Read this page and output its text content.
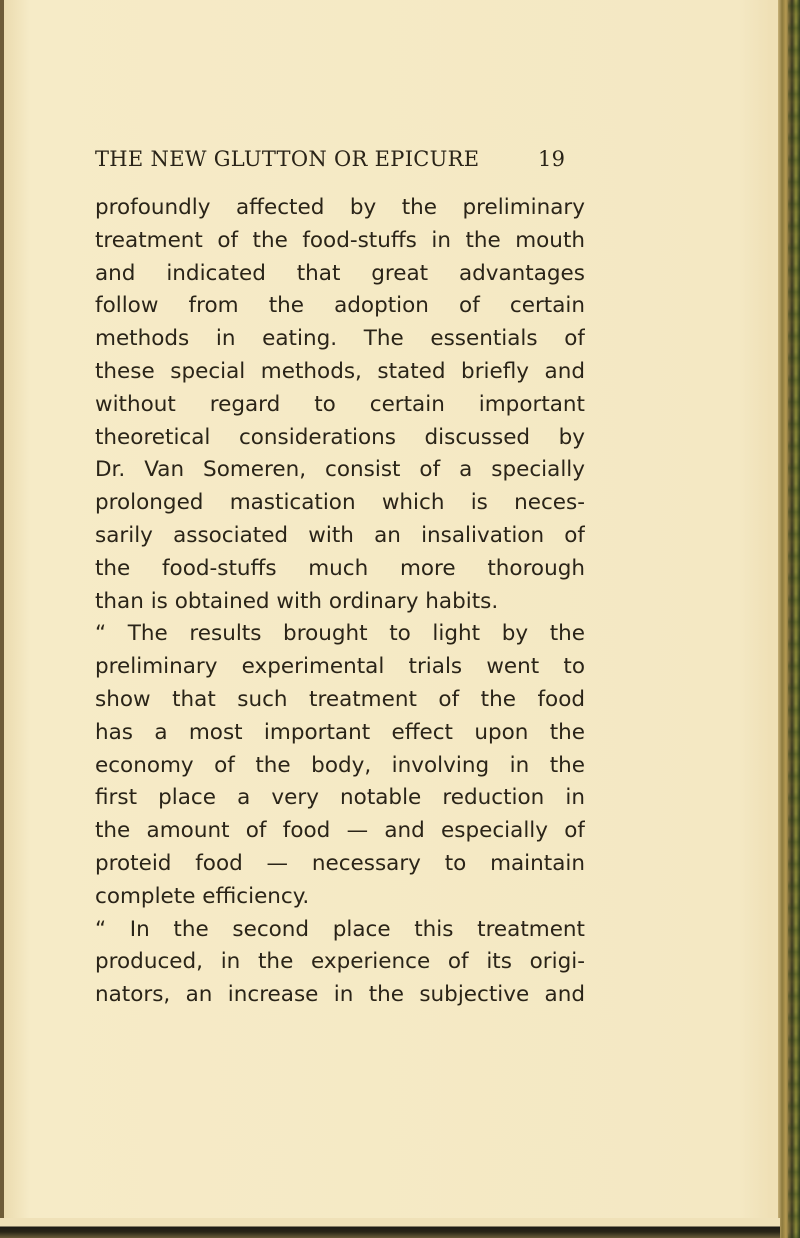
THE NEW GLUTTON OR EPICURE	19
profoundly affected by the preliminary
treatment of the food-stuffs in the mouth
and indicated that great advantages
follow from the adoption of certain
methods in eating. The essentials of
these special methods, stated briefly and
without regard to certain important
theoretical considerations discussed by
Dr. Van Someren, consist of a specially
prolonged mastication which is neces-
sarily associated with an insalivation of
the food-stuffs much more thorough
than is obtained with ordinary habits.
“ The results brought to light by the
preliminary experimental trials went to
show that such treatment of the food
has a most important effect upon the
economy of the body, involving in the
first place a very notable reduction in
the amount of food — and especially of
proteid food — necessary to maintain
complete efficiency.
“ In the second place this treatment
produced, in the experience of its origi-
nators, an increase in the subjective and
